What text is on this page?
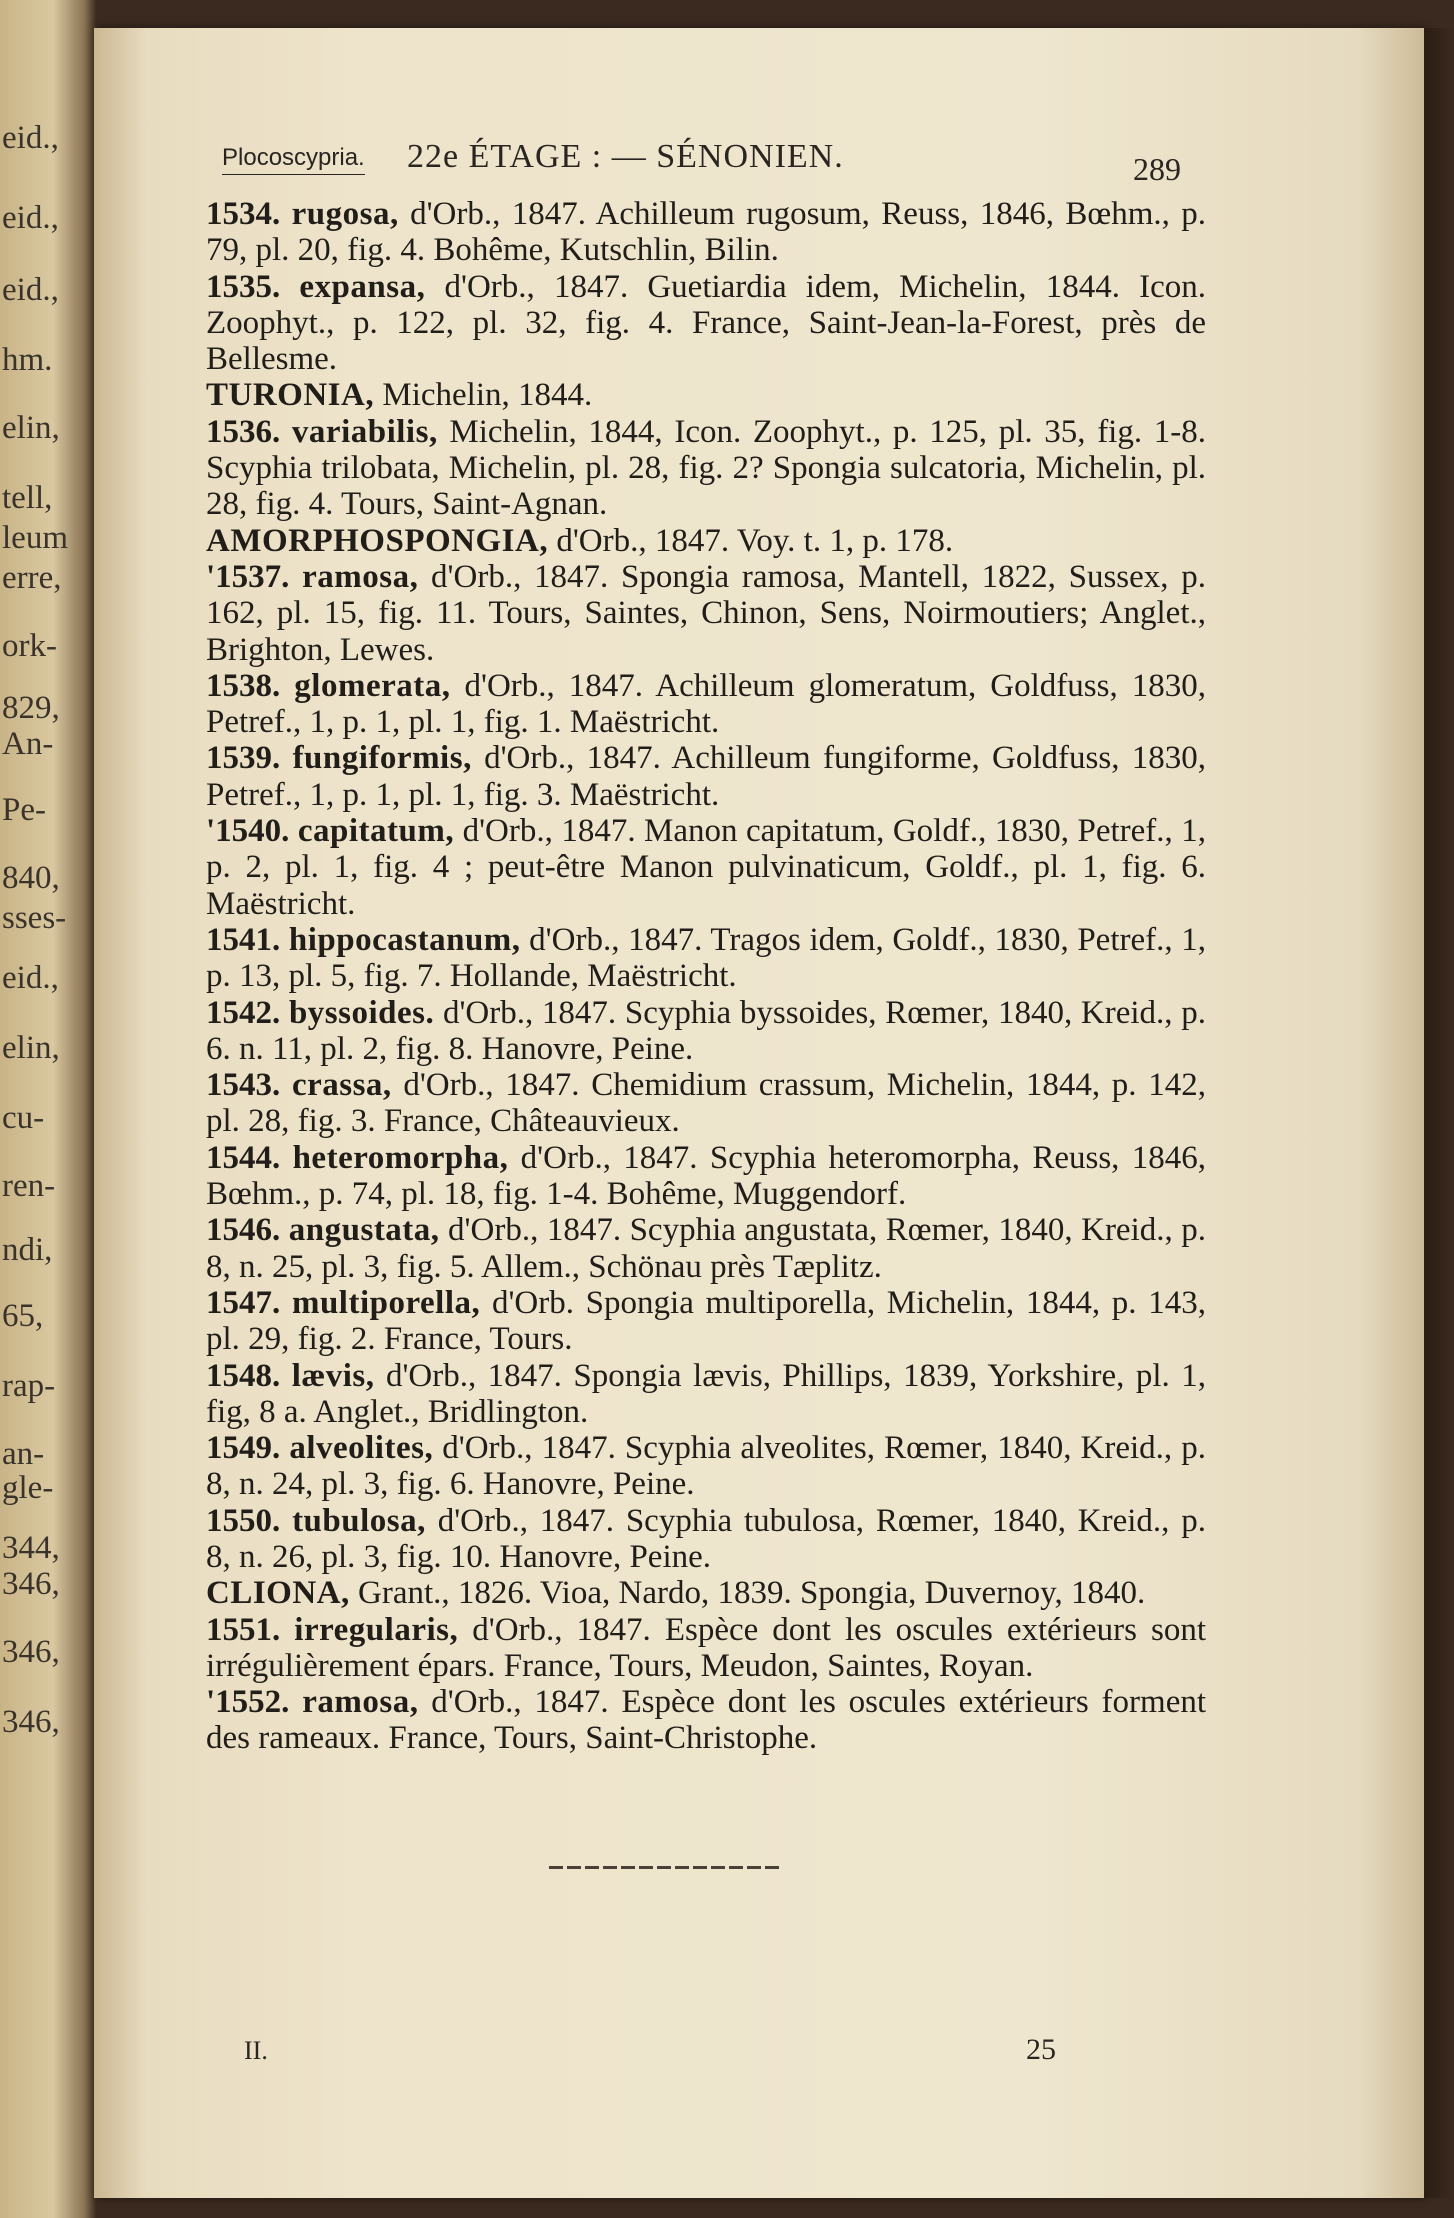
eid.,
eid.,
eid.,
hm.
elin,
tell,
leum
erre,
ork-
829,
An-
Pe-
840,
sses-
eid.,
elin,
cu-
ren-
ndi,
65,
rap-
an-
gle-
344,
346,
346,
346,
Plocoscypria. 22e ÉTAGE : — SÉNONIEN.	289
1534. rugosa, d'Orb., 1847. Achilleum rugosum, Reuss, 1846, Bœhm., p. 79, pl. 20, fig. 4. Bohême, Kutschlin, Bilin.
1535. expansa, d'Orb., 1847. Guetiardia idem, Michelin, 1844. Icon. Zoophyt., p. 122, pl. 32, fig. 4. France, Saint-Jean-la-Forest, près de Bellesme.
TURONIA, Michelin, 1844.
1536. variabilis, Michelin, 1844, Icon. Zoophyt., p. 125, pl. 35, fig. 1-8. Scyphia trilobata, Michelin, pl. 28, fig. 2? Spongia sulcatoria, Michelin, pl. 28, fig. 4. Tours, Saint-Agnan.
AMORPHOSPONGIA, d'Orb., 1847. Voy. t. 1, p. 178.
'1537. ramosa, d'Orb., 1847. Spongia ramosa, Mantell, 1822, Sussex, p. 162, pl. 15, fig. 11. Tours, Saintes, Chinon, Sens, Noirmoutiers; Anglet., Brighton, Lewes.
1538. glomerata, d'Orb., 1847. Achilleum glomeratum, Goldfuss, 1830, Petref., 1, p. 1, pl. 1, fig. 1. Maëstricht.
1539. fungiformis, d'Orb., 1847. Achilleum fungiforme, Goldfuss, 1830, Petref., 1, p. 1, pl. 1, fig. 3. Maëstricht.
'1540. capitatum, d'Orb., 1847. Manon capitatum, Goldf., 1830, Petref., 1, p. 2, pl. 1, fig. 4 ; peut-être Manon pulvinaticum, Goldf., pl. 1, fig. 6. Maëstricht.
1541. hippocastanum, d'Orb., 1847. Tragos idem, Goldf., 1830, Petref., 1, p. 13, pl. 5, fig. 7. Hollande, Maëstricht.
1542. byssoides. d'Orb., 1847. Scyphia byssoides, Rœmer, 1840, Kreid., p. 6. n. 11, pl. 2, fig. 8. Hanovre, Peine.
1543. crassa, d'Orb., 1847. Chemidium crassum, Michelin, 1844, p. 142, pl. 28, fig. 3. France, Châteauvieux.
1544. heteromorpha, d'Orb., 1847. Scyphia heteromorpha, Reuss, 1846, Bœhm., p. 74, pl. 18, fig. 1-4. Bohême, Muggendorf.
1546. angustata, d'Orb., 1847. Scyphia angustata, Rœmer, 1840, Kreid., p. 8, n. 25, pl. 3, fig. 5. Allem., Schönau près Tæplitz.
1547. multiporella, d'Orb. Spongia multiporella, Michelin, 1844, p. 143, pl. 29, fig. 2. France, Tours.
1548. lævis, d'Orb., 1847. Spongia lævis, Phillips, 1839, Yorkshire, pl. 1, fig, 8 a. Anglet., Bridlington.
1549. alveolites, d'Orb., 1847. Scyphia alveolites, Rœmer, 1840, Kreid., p. 8, n. 24, pl. 3, fig. 6. Hanovre, Peine.
1550. tubulosa, d'Orb., 1847. Scyphia tubulosa, Rœmer, 1840, Kreid., p. 8, n. 26, pl. 3, fig. 10. Hanovre, Peine.
CLIONA, Grant., 1826. Vioa, Nardo, 1839. Spongia, Duvernoy, 1840.
1551. irregularis, d'Orb., 1847. Espèce dont les oscules extérieurs sont irrégulièrement épars. France, Tours, Meudon, Saintes, Royan.
'1552. ramosa, d'Orb., 1847. Espèce dont les oscules extérieurs forment des rameaux. France, Tours, Saint-Christophe.
II.	25
